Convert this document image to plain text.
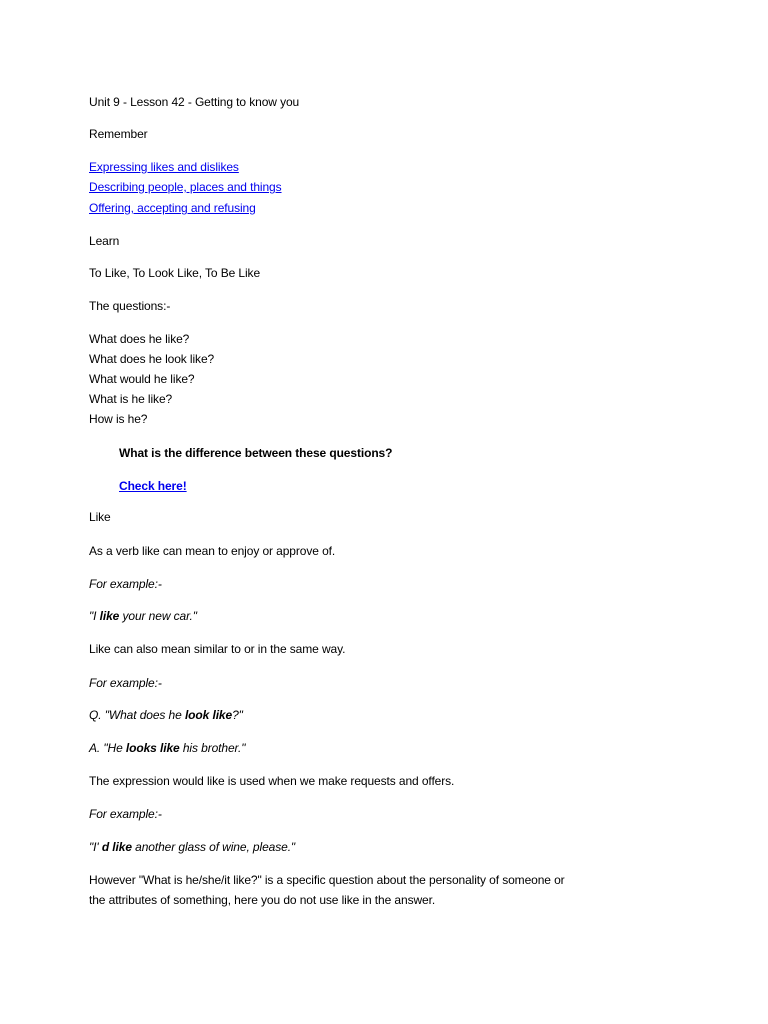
Unit 9 - Lesson 42 - Getting to know you
Remember
Expressing likes and dislikes
Describing people, places and things
Offering, accepting and refusing
Learn
To Like, To Look Like, To Be Like
The questions:-
What does he like?
What does he look like?
What would he like?
What is he like?
How is he?
What is the difference between these questions?
Check here!
Like
As a verb like can mean to enjoy or approve of.
For example:-
"I like your new car."
Like can also mean similar to or in the same way.
For example:-
Q. "What does he look like?"
A. "He looks like his brother."
The expression would like is used when we make requests and offers.
For example:-
"I' d like another glass of wine, please."
However "What is he/she/it like?" is a specific question about the personality of someone or
the attributes of something, here you do not use like in the answer.
